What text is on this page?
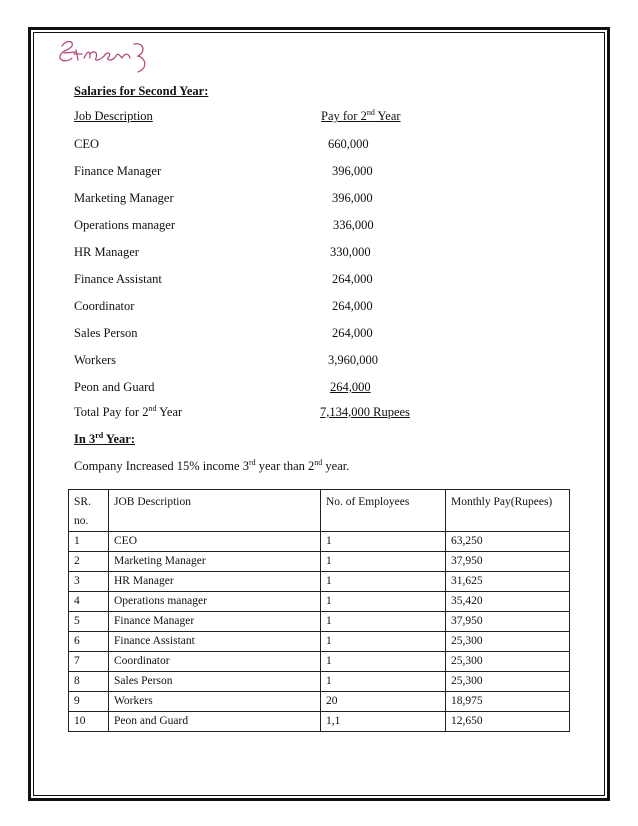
Salaries for Second Year:
Job Description	Pay for 2nd Year
CEO	660,000
Finance Manager	396,000
Marketing Manager	396,000
Operations manager	336,000
HR Manager	330,000
Finance Assistant	264,000
Coordinator	264,000
Sales Person	264,000
Workers	3,960,000
Peon and Guard	264,000
Total Pay for 2nd Year	7,134,000 Rupees
In 3rd Year:
Company Increased 15% income 3rd year than 2nd year.
SR. no.	JOB Description	No. of Employees	Monthly Pay(Rupees)
1	CEO	1	63,250
2	Marketing Manager	1	37,950
3	HR Manager	1	31,625
4	Operations manager	1	35,420
5	Finance Manager	1	37,950
6	Finance Assistant	1	25,300
7	Coordinator	1	25,300
8	Sales Person	1	25,300
9	Workers	20	18,975
10	Peon and Guard	1,1	12,650
